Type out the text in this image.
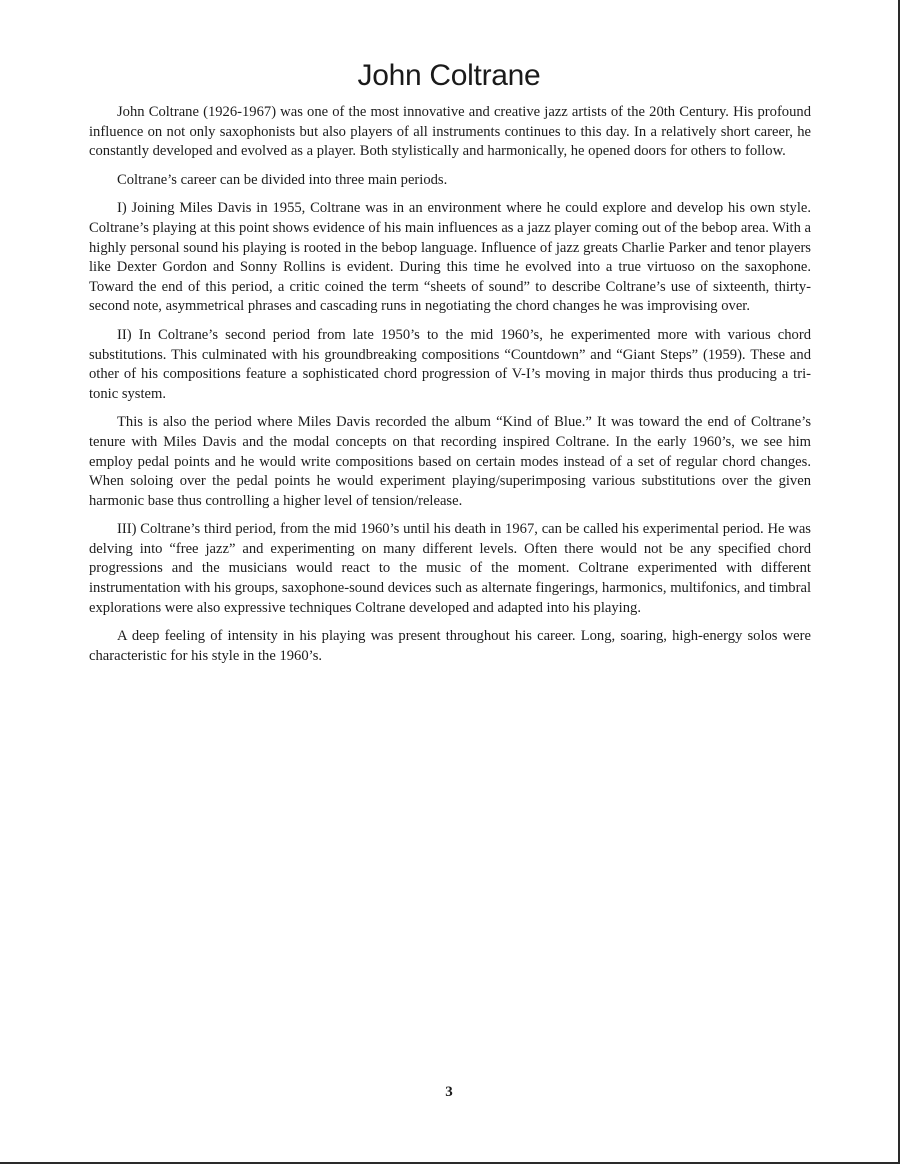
John Coltrane

John Coltrane (1926-1967) was one of the most innovative and creative jazz artists of the 20th Century. His profound influence on not only saxophonists but also players of all instruments continues to this day. In a relatively short career, he constantly developed and evolved as a player. Both stylistically and harmonically, he opened doors for others to follow.

Coltrane’s career can be divided into three main periods.

I) Joining Miles Davis in 1955, Coltrane was in an environment where he could explore and develop his own style. Coltrane’s playing at this point shows evidence of his main influences as a jazz player coming out of the bebop area. With a highly personal sound his playing is rooted in the bebop language. Influence of jazz greats Charlie Parker and tenor players like Dexter Gordon and Sonny Rollins is evident. During this time he evolved into a true virtuoso on the saxophone. Toward the end of this period, a critic coined the term “sheets of sound” to describe Coltrane’s use of sixteenth, thirty-second note, asymmetrical phrases and cascading runs in negotiating the chord changes he was improvising over.

II) In Coltrane’s second period from late 1950’s to the mid 1960’s, he experimented more with various chord substitutions. This culminated with his groundbreaking compositions “Countdown” and “Giant Steps” (1959). These and other of his compositions feature a sophisticated chord progression of V-I’s moving in major thirds thus producing a tri-tonic system.

This is also the period where Miles Davis recorded the album “Kind of Blue.” It was toward the end of Coltrane’s tenure with Miles Davis and the modal concepts on that recording inspired Coltrane. In the early 1960’s, we see him employ pedal points and he would write compositions based on certain modes instead of a set of regular chord changes. When soloing over the pedal points he would experiment playing/superimposing various substitutions over the given harmonic base thus controlling a higher level of tension/release.

III) Coltrane’s third period, from the mid 1960’s until his death in 1967, can be called his experimental period. He was delving into “free jazz” and experimenting on many different levels. Often there would not be any specified chord progressions and the musicians would react to the music of the moment. Coltrane experimented with different instrumentation with his groups, saxophone-sound devices such as alternate fingerings, harmonics, multifonics, and timbral explorations were also expressive techniques Coltrane developed and adapted into his playing.

A deep feeling of intensity in his playing was present throughout his career. Long, soaring, high-energy solos were characteristic for his style in the 1960’s.

3
